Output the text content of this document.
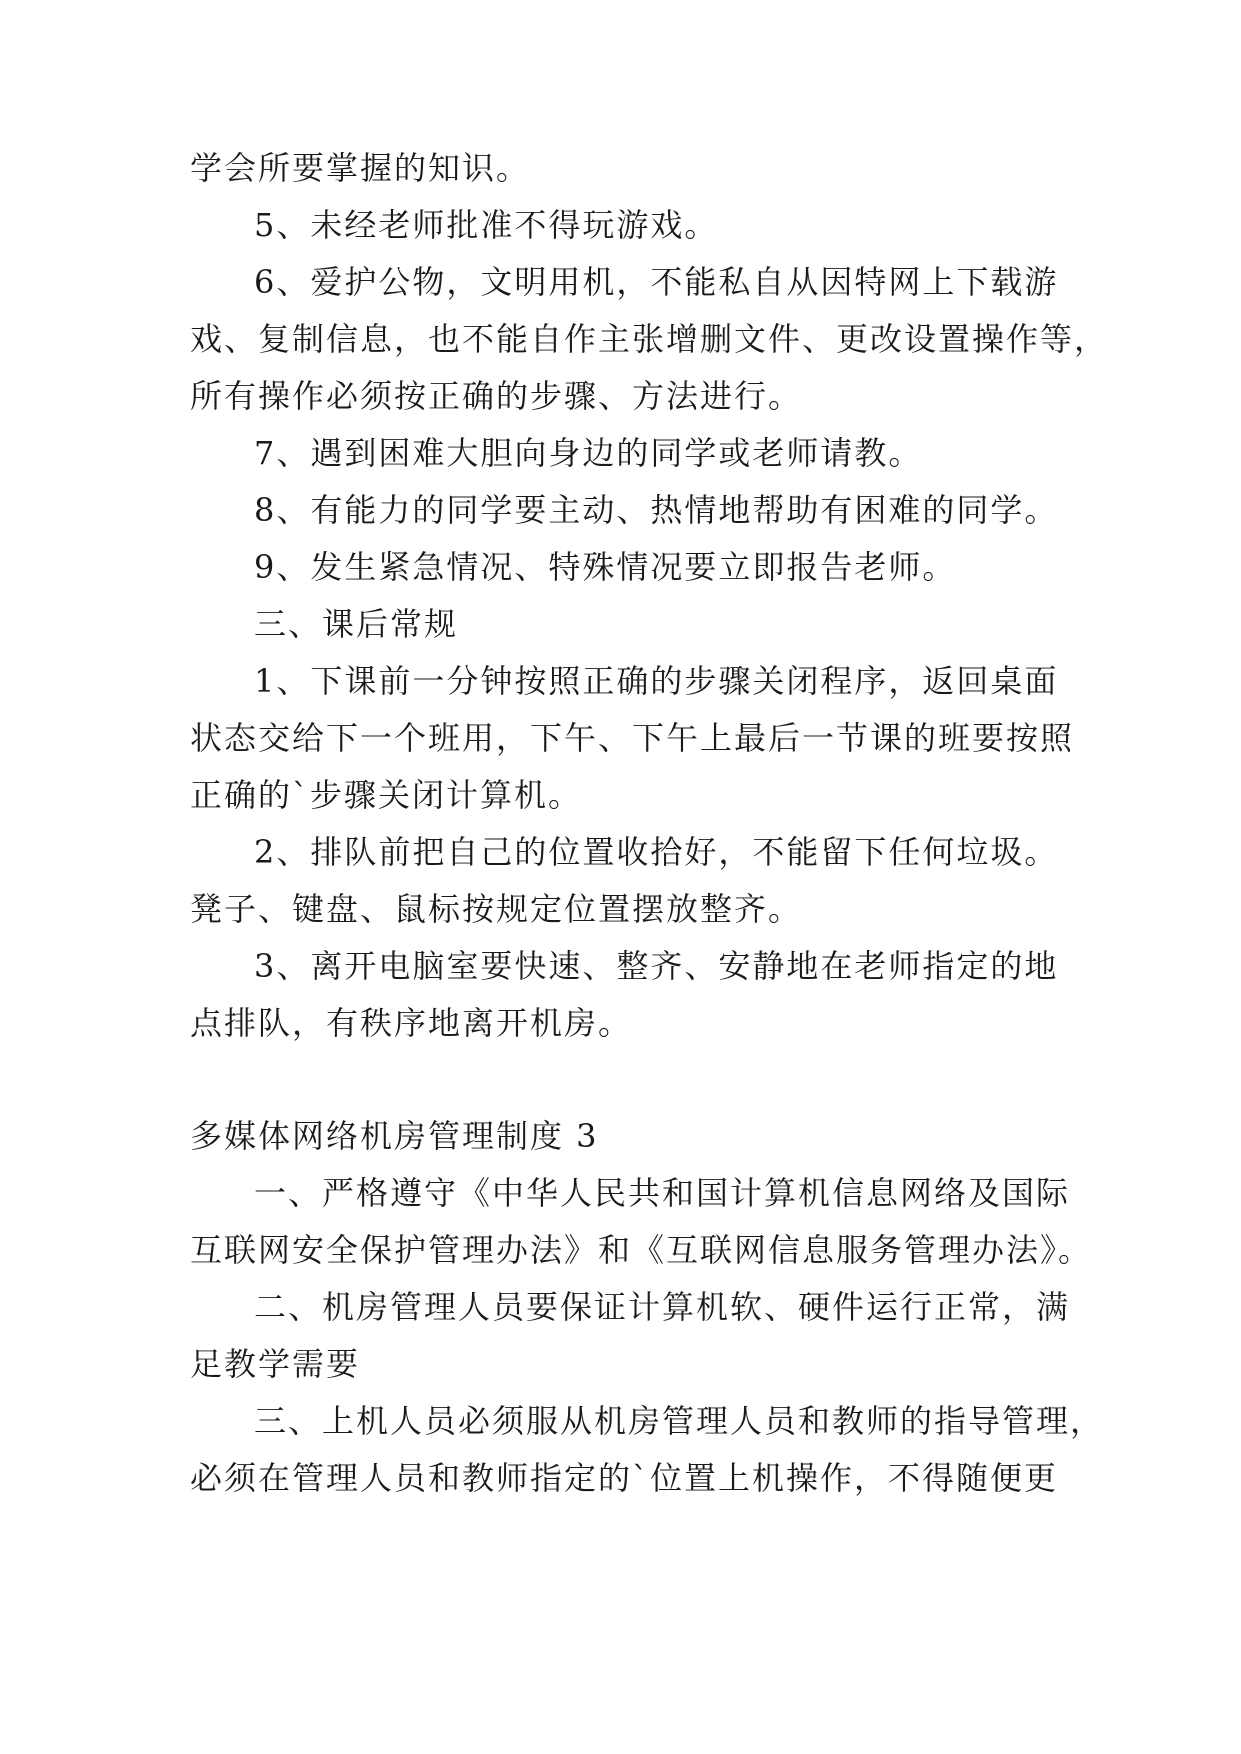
学会所要掌握的知识。
5、未经老师批准不得玩游戏。
6、爱护公物，文明用机，不能私自从因特网上下载游
戏、复制信息，也不能自作主张增删文件、更改设置操作等，
所有操作必须按正确的步骤、方法进行。
7、遇到困难大胆向身边的同学或老师请教。
8、有能力的同学要主动、热情地帮助有困难的同学。
9、发生紧急情况、特殊情况要立即报告老师。
三、课后常规
1、下课前一分钟按照正确的步骤关闭程序，返回桌面
状态交给下一个班用，下午、下午上最后一节课的班要按照
正确的`步骤关闭计算机。
2、排队前把自己的位置收拾好，不能留下任何垃圾。
凳子、键盘、鼠标按规定位置摆放整齐。
3、离开电脑室要快速、整齐、安静地在老师指定的地
点排队，有秩序地离开机房。
多媒体网络机房管理制度 3
一、严格遵守《中华人民共和国计算机信息网络及国际
互联网安全保护管理办法》和《互联网信息服务管理办法》。
二、机房管理人员要保证计算机软、硬件运行正常，满
足教学需要
三、上机人员必须服从机房管理人员和教师的指导管理，
必须在管理人员和教师指定的`位置上机操作，不得随便更
